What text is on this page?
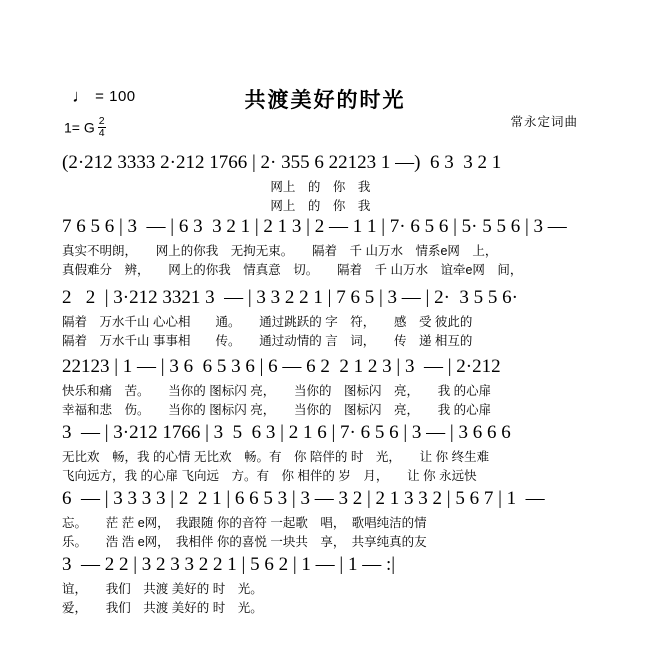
♩ = 100	共渡美好的时光
常永定词曲
1= G $\frac{2}{4}$
(2·212 3333 2·212 1766 | 2· 355 6 22123 1 —)  6 3  3 2 1
网上　的　你　我
网上　的　你　我
7 6 5 6 | 3  — | 6 3  3 2 1 | 2 1 3 | 2 — 1 1 | 7· 6 5 6 | 5· 5 5 6 | 3 —
真实不明朗，　　网上的你我　无拘无束。　　隔着　千 山万水　情系e网　上，
真假难分　辨，　　网上的你我　情真意　切。　　隔着　千 山万水　谊牵e网　间，
2   2  | 3·212 3321 3  — | 3 3 2 2 1 | 7 6 5 | 3 — | 2·  3 5 5 6·
隔着　万水千山 心心相　　通。　　通过跳跃的 字　符，　　感　受 彼此的
隔着　万水千山 事事相　　传。　　通过动情的 言　词，　　传　递 相互的
22123 | 1 — | 3 6  6 5 3 6 | 6 — 6 2  2 1 2 3 | 3  — | 2·212
快乐和痛　苦。　　当你的 图标闪 亮，　　当你的　图标闪　亮，　　我 的心扉
幸福和悲　伤。　　当你的 图标闪 亮，　　当你的　图标闪　亮，　　我 的心扉
3  — | 3·212 1766 | 3  5  6 3 | 2 1 6 | 7· 6 5 6 | 3 — | 3 6 6 6
无比欢　畅，我 的心情 无比欢　畅。有　你 陪伴的 时　光，　　让 你 终生难
飞向远方，我 的心扉 飞向远　方。有　你 相伴的 岁　月，　　让 你 永远快
6  — | 3 3 3 3 | 2  2 1 | 6 6 5 3 | 3 — 3 2 | 2 1 3 3 2 | 5 6 7 | 1  —
忘。　　茫 茫 e网，　我跟随 你的音符 一起歌　唱，　歌唱纯洁的情
乐。　　浩 浩 e网，　我相伴 你的喜悦 一块共　享，　共享纯真的友
3  — 2 2 | 3 2 3 3 2 2 1 | 5 6 2 | 1 — | 1 — :|
谊，　　我们　共渡 美好的 时　光。
爱，　　我们　共渡 美好的 时　光。
